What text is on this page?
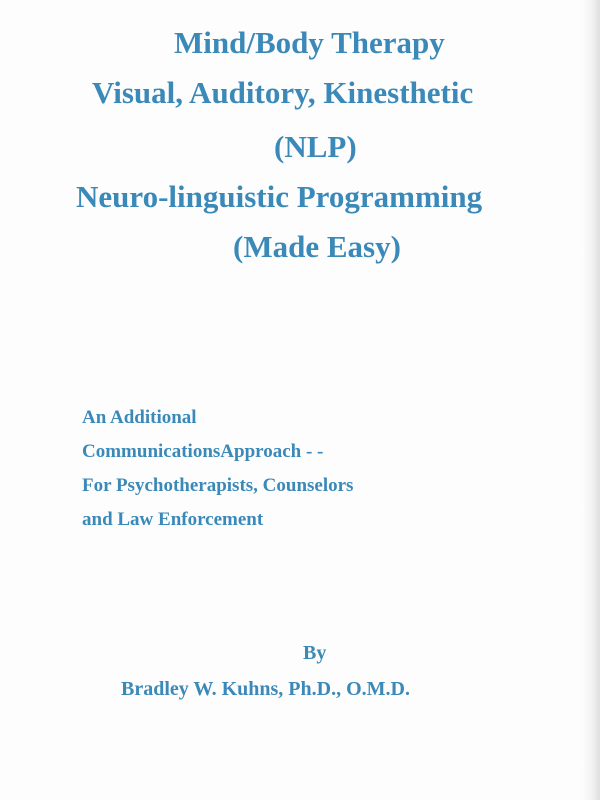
Mind/Body Therapy
Visual, Auditory, Kinesthetic
(NLP)
Neuro-linguistic Programming
(Made Easy)
An Additional
CommunicationsApproach - -
For Psychotherapists, Counselors
and Law Enforcement
By
Bradley W. Kuhns, Ph.D., O.M.D.
